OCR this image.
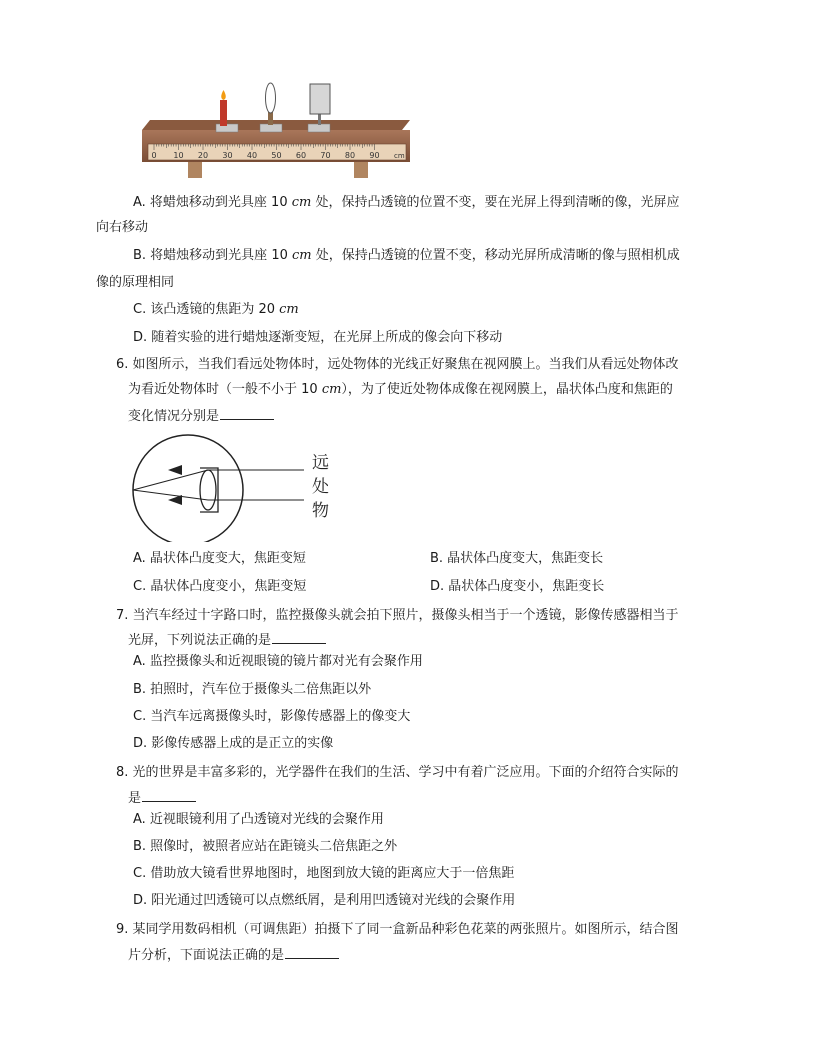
0 10 20 30 40 50 60 70 80 90 cm
A. 将蜡烛移动到光具座 10 cm 处，保持凸透镜的位置不变，要在光屏上得到清晰的像，光屏应
向右移动
B. 将蜡烛移动到光具座 10 cm 处，保持凸透镜的位置不变，移动光屏所成清晰的像与照相机成
像的原理相同
C. 该凸透镜的焦距为 20 cm
D. 随着实验的进行蜡烛逐渐变短，在光屏上所成的像会向下移动
6. 如图所示，当我们看远处物体时，远处物体的光线正好聚焦在视网膜上。当我们从看远处物体改
为看近处物体时（一般不小于 10 cm），为了使近处物体成像在视网膜上，晶状体凸度和焦距的
变化情况分别是
远
处
物
A. 晶状体凸度变大，焦距变短	B. 晶状体凸度变大，焦距变长
C. 晶状体凸度变小，焦距变短	D. 晶状体凸度变小，焦距变长
7. 当汽车经过十字路口时，监控摄像头就会拍下照片，摄像头相当于一个透镜，影像传感器相当于
光屏，下列说法正确的是
A. 监控摄像头和近视眼镜的镜片都对光有会聚作用
B. 拍照时，汽车位于摄像头二倍焦距以外
C. 当汽车远离摄像头时，影像传感器上的像变大
D. 影像传感器上成的是正立的实像
8. 光的世界是丰富多彩的，光学器件在我们的生活、学习中有着广泛应用。下面的介绍符合实际的
是
A. 近视眼镜利用了凸透镜对光线的会聚作用
B. 照像时，被照者应站在距镜头二倍焦距之外
C. 借助放大镜看世界地图时，地图到放大镜的距离应大于一倍焦距
D. 阳光通过凹透镜可以点燃纸屑，是利用凹透镜对光线的会聚作用
9. 某同学用数码相机（可调焦距）拍摄下了同一盒新品种彩色花菜的两张照片。如图所示，结合图
片分析，下面说法正确的是
